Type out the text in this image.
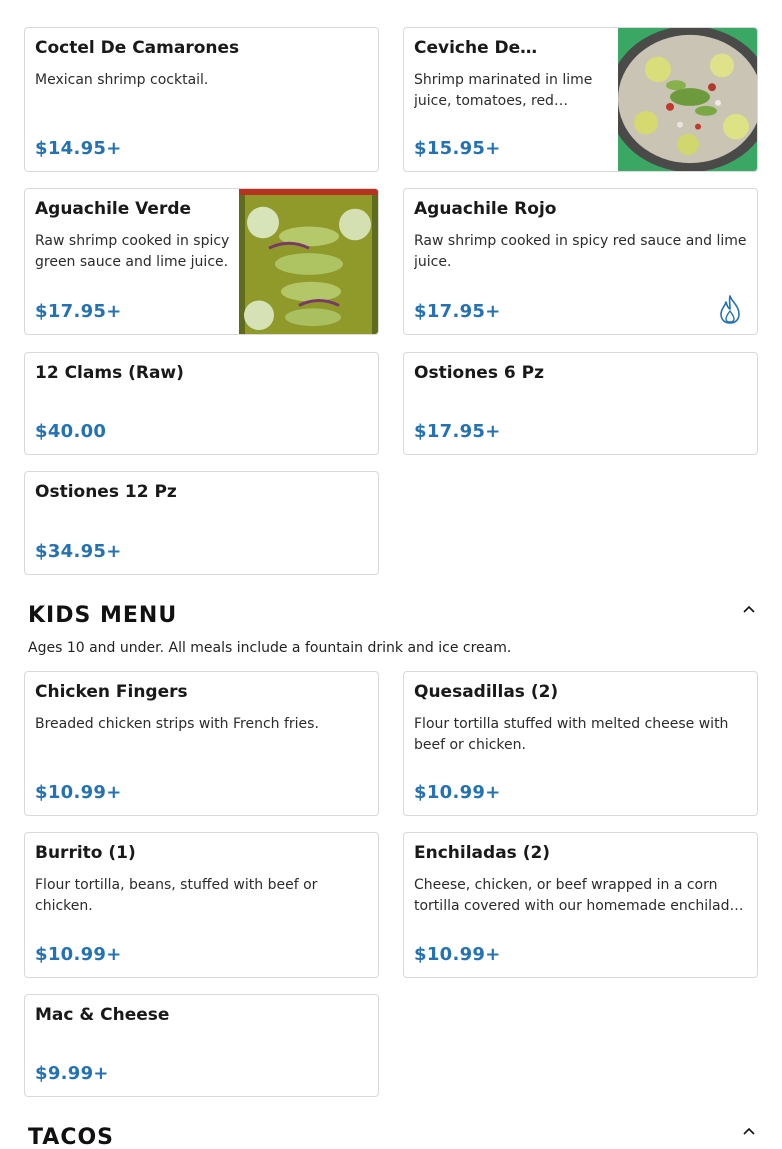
Coctel De Camarones
Mexican shrimp cocktail.
$14.95+
Ceviche De…
Shrimp marinated in lime juice, tomatoes, red…
$15.95+
Aguachile Verde
Raw shrimp cooked in spicy green sauce and lime juice.
$17.95+
Aguachile Rojo
Raw shrimp cooked in spicy red sauce and lime juice.
$17.95+
12 Clams (Raw)
$40.00
Ostiones 6 Pz
$17.95+
Ostiones 12 Pz
$34.95+
KIDS MENU
Ages 10 and under. All meals include a fountain drink and ice cream.
Chicken Fingers
Breaded chicken strips with French fries.
$10.99+
Quesadillas (2)
Flour tortilla stuffed with melted cheese with beef or chicken.
$10.99+
Burrito (1)
Flour tortilla, beans, stuffed with beef or chicken.
$10.99+
Enchiladas (2)
Cheese, chicken, or beef wrapped in a corn tortilla covered with our homemade enchilad…
$10.99+
Mac & Cheese
$9.99+
TACOS
